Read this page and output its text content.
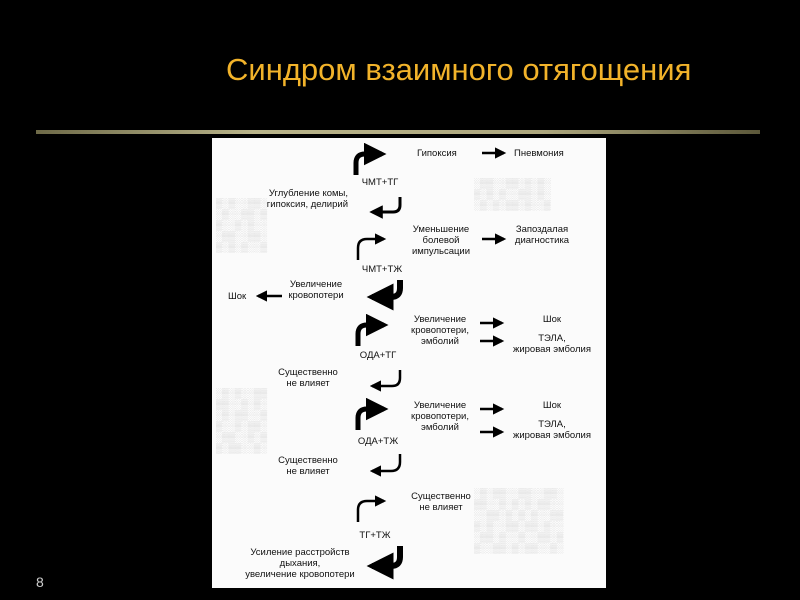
Синдром взаимного отягощения
▒░▒░░▒▒░
░▒░░▒▒░▒
▒░░▒░▒░░
░▒▒░░▒▒░
▒░▒░▒░░▒
░▒░▒░░▒▒
▒▒░░▒░▒░
░▒░▒▒░░▒
▒░░▒░▒▒░
░▒▒░░▒░▒
▒░▒▒░░▒░
░▒▒░░▒▒░▒░▒░
▒░▒░▒░░▒▒░▒░
░▒░▒░▒▒░▒░░▒
░▒░▒▒░░▒▒░░▒▒░
▒▒░░▒░▒░▒░▒▒░░
░░▒▒░▒░▒░▒░░▒▒
▒░▒░░▒▒░▒▒░▒░░
░▒▒░▒░░▒░░▒▒░▒
▒░░▒▒░▒░▒▒░░▒░
ЧМТ+ТГ
Гипоксия	Пневмония
Углубление комы,
гипоксия, делирий
ЧМТ+ТЖ
Уменьшение
болевой
импульсации
Запоздалая
диагностика
Увеличение
кровопотери
Шок
ОДА+ТГ
Увеличение
кровопотери,
эмболий
Шок
ТЭЛА,
жировая эмболия
Существенно
не влияет
ОДА+ТЖ
Увеличение
кровопотери,
эмболий
Шок
ТЭЛА,
жировая эмболия
Существенно
не влияет
ТГ+ТЖ
Существенно
не влияет
Усиление расстройств
дыхания,
увеличение кровопотери
8
